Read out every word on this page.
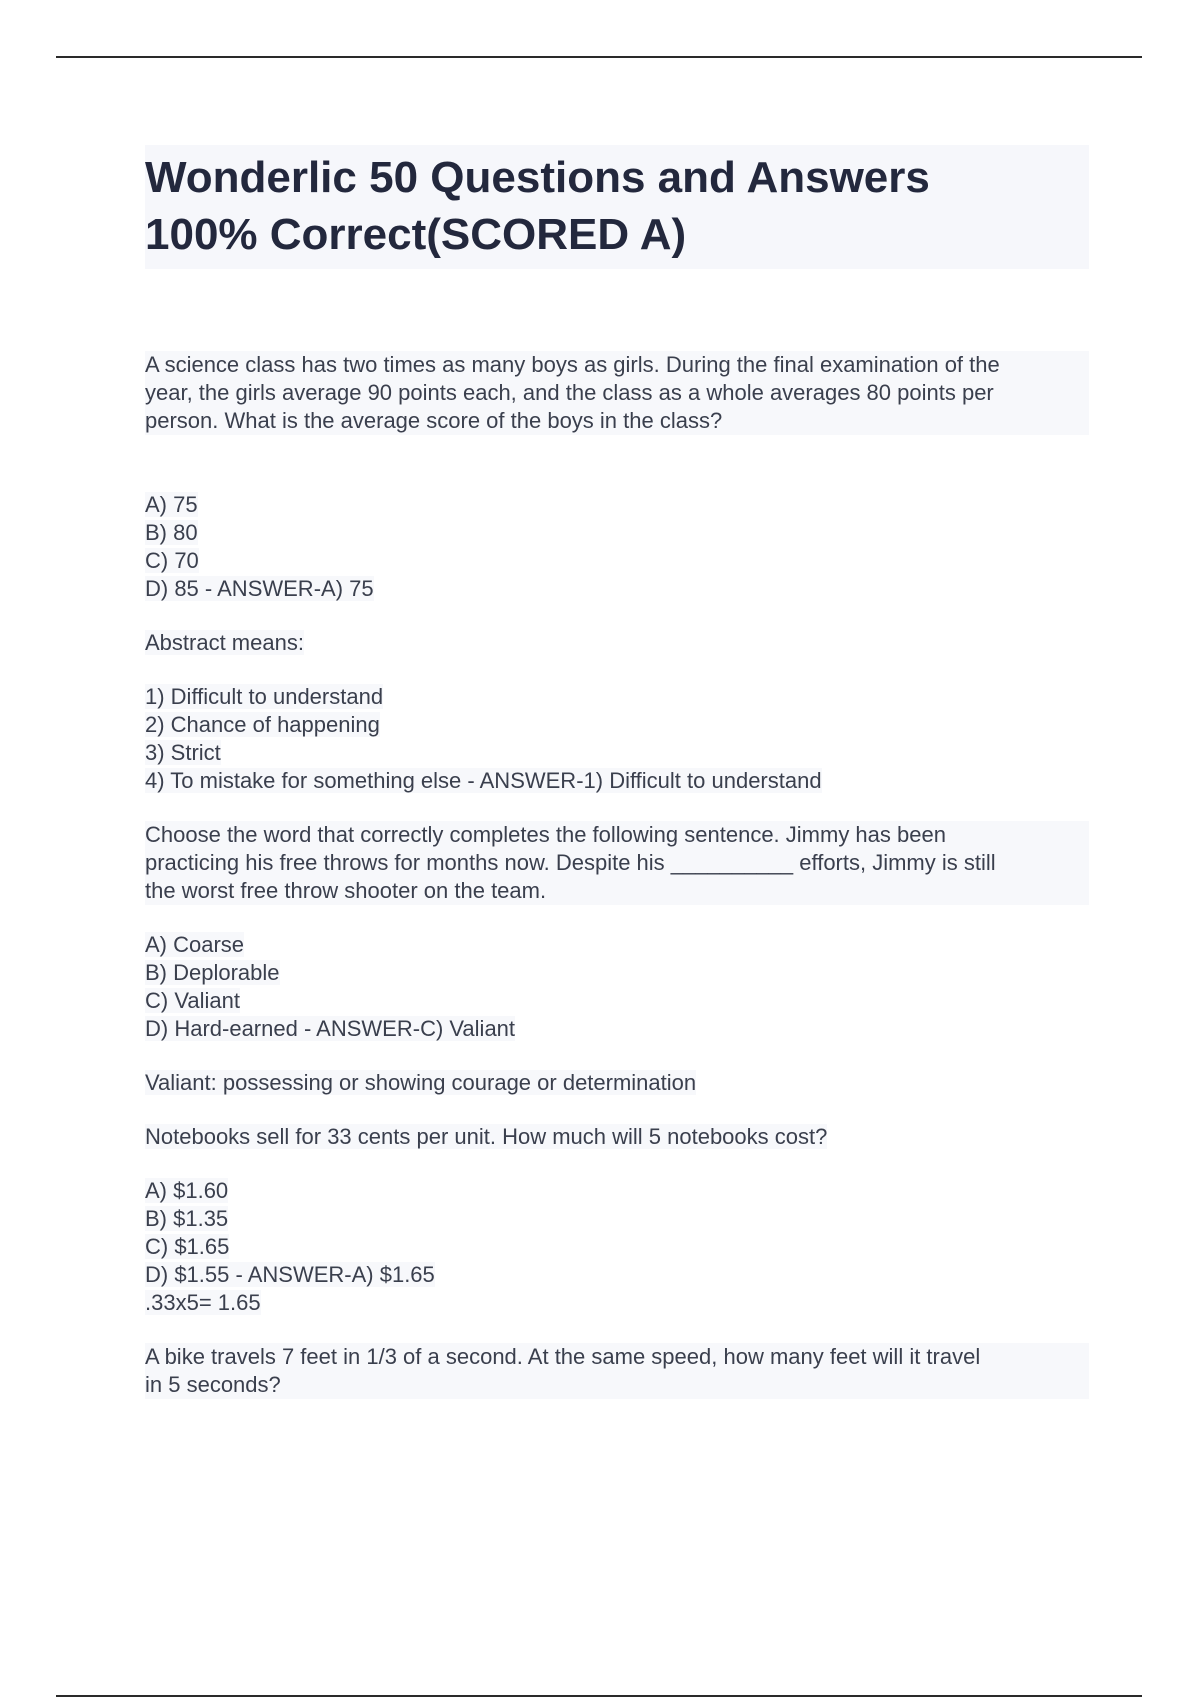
Wonderlic 50 Questions and Answers
100% Correct(SCORED A)
A science class has two times as many boys as girls. During the final examination of the
year, the girls average 90 points each, and the class as a whole averages 80 points per
person. What is the average score of the boys in the class?
A) 75
B) 80
C) 70
D) 85 - ANSWER-A) 75
Abstract means:
1) Difficult to understand
2) Chance of happening
3) Strict
4) To mistake for something else - ANSWER-1) Difficult to understand
Choose the word that correctly completes the following sentence. Jimmy has been
practicing his free throws for months now. Despite his __________ efforts, Jimmy is still
the worst free throw shooter on the team.
A) Coarse
B) Deplorable
C) Valiant
D) Hard-earned - ANSWER-C) Valiant
Valiant: possessing or showing courage or determination
Notebooks sell for 33 cents per unit. How much will 5 notebooks cost?
A) $1.60
B) $1.35
C) $1.65
D) $1.55 - ANSWER-A) $1.65
.33x5= 1.65
A bike travels 7 feet in 1/3 of a second. At the same speed, how many feet will it travel
in 5 seconds?
